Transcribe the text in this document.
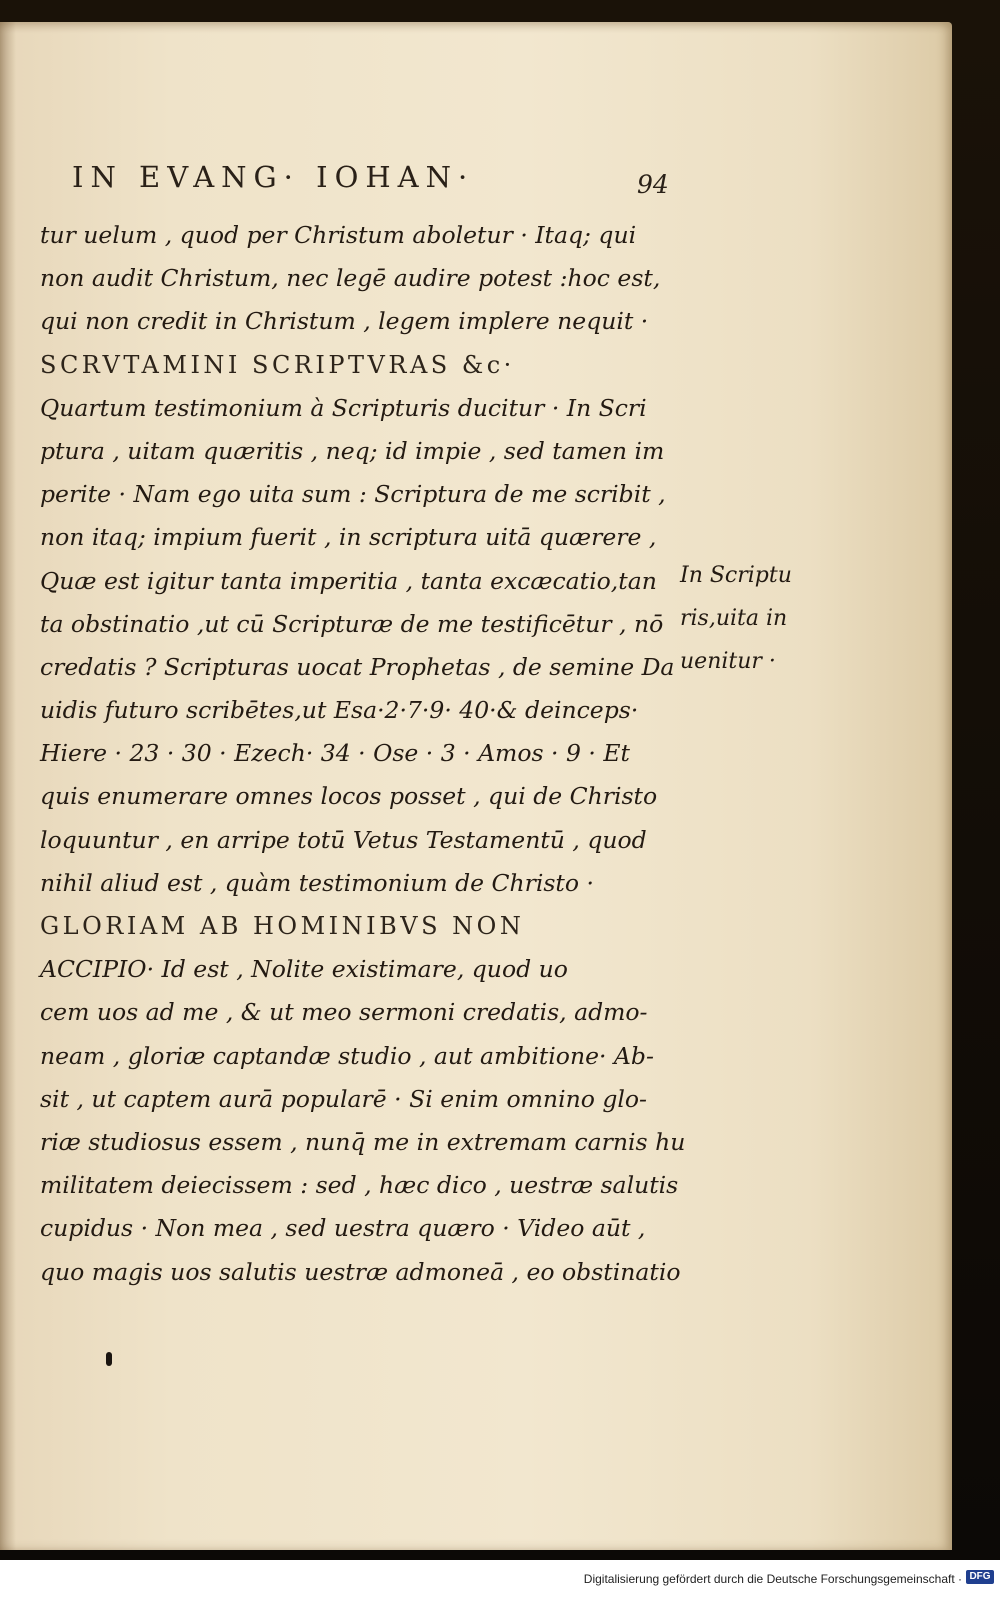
IN EVANG· IOHAN·	94
tur uelum , quod per Christum aboletur · Itaq; qui
non audit Christum, nec legē audire potest :hoc est,
qui non credit in Christum , legem implere nequit ·
SCRVTAMINI SCRIPTVRAS &c·
Quartum testimonium à Scripturis ducitur · In Scri
ptura , uitam quæritis , neq; id impie , sed tamen im
perite · Nam ego uita sum : Scriptura de me scribit ,
non itaq; impium fuerit , in scriptura uitā quærere ,
Quæ est igitur tanta imperitia , tanta excæcatio,tan
ta obstinatio ,ut cū Scripturæ de me testificētur , nō
credatis ? Scripturas uocat Prophetas , de semine Da
uidis futuro scribētes,ut Esa·2·7·9· 40·& deinceps·
Hiere · 23 · 30 · Ezech· 34 · Ose · 3 · Amos · 9 · Et
quis enumerare omnes locos posset , qui de Christo
loquuntur , en arripe totū Vetus Testamentū , quod
nihil aliud est , quàm testimonium de Christo ·
GLORIAM AB HOMINIBVS NON
ACCIPIO· Id est , Nolite existimare, quod uo
cem uos ad me , & ut meo sermoni credatis, admo-
neam , gloriæ captandæ studio , aut ambitione· Ab-
sit , ut captem aurā popularē · Si enim omnino glo-
riæ studiosus essem , nunq̄ me in extremam carnis hu
militatem deiecissem : sed , hæc dico , uestræ salutis
cupidus · Non mea , sed uestra quæro · Video aūt ,
quo magis uos salutis uestræ admoneā , eo obstinatio
In Scriptu
ris,uita in
uenitur ·
Digitalisierung gefördert durch die Deutsche Forschungsgemeinschaft · DFG
